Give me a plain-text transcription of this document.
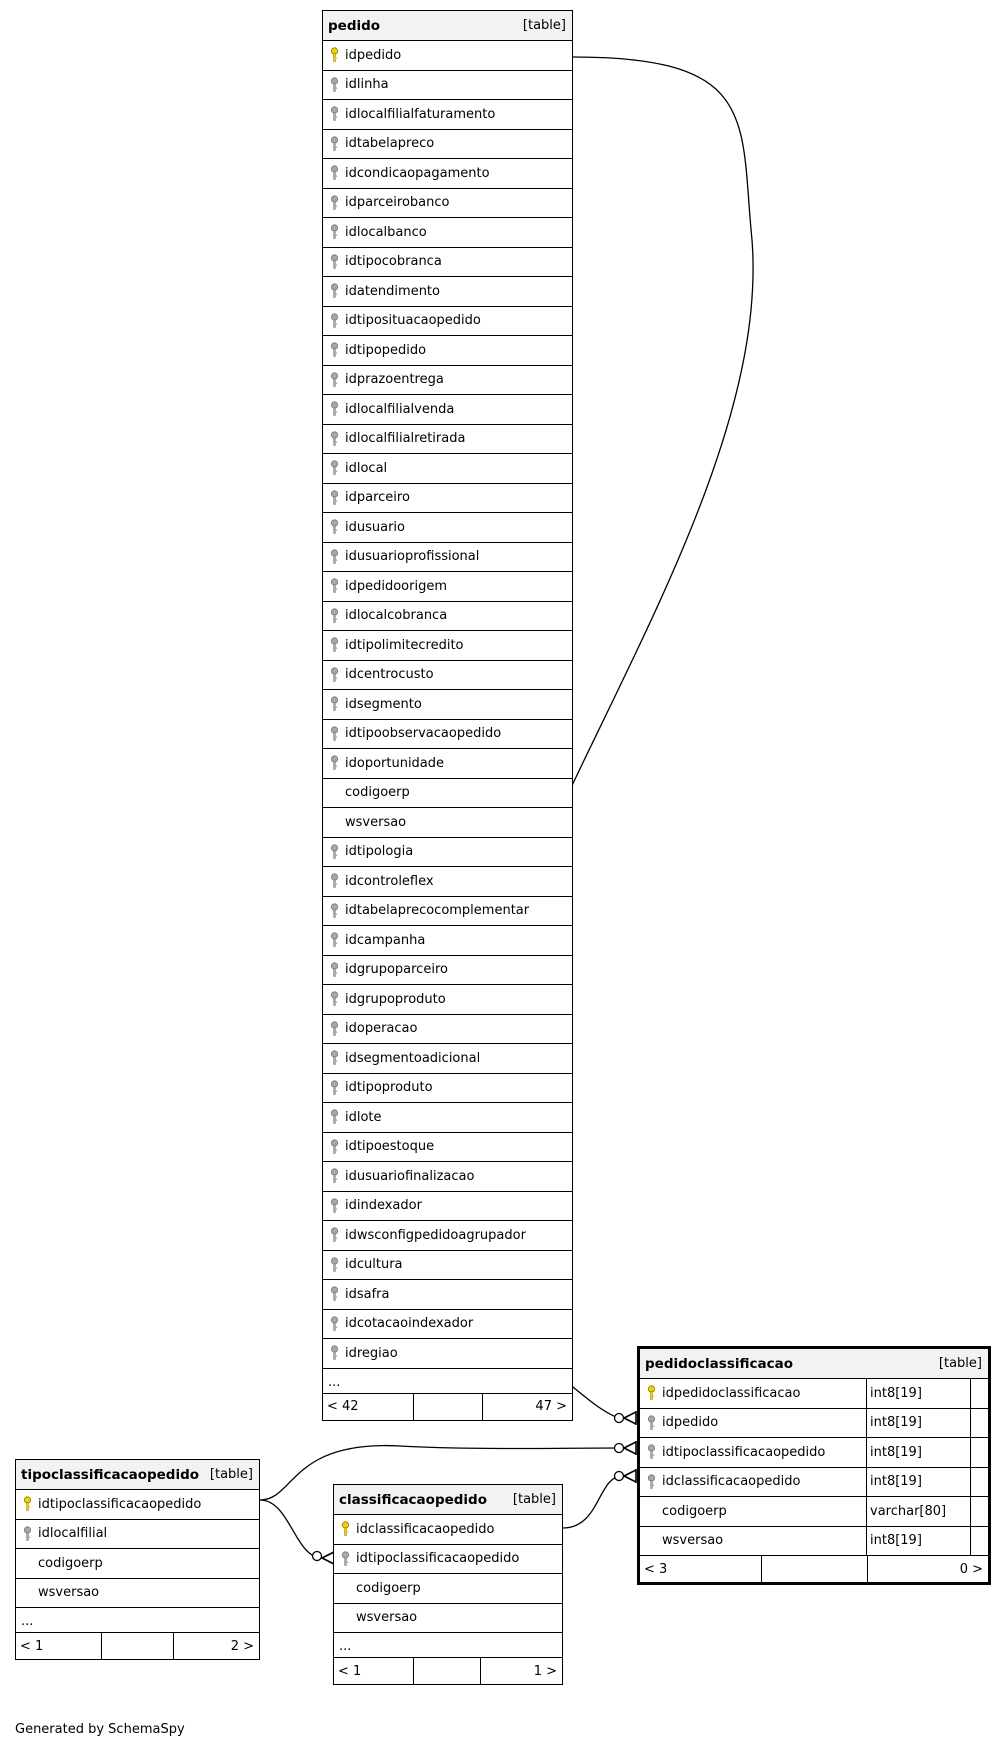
pedido	[table]
idpedido
idlinha
idlocalfilialfaturamento
idtabelapreco
idcondicaopagamento
idparceirobanco
idlocalbanco
idtipocobranca
idatendimento
idtiposituacaopedido
idtipopedido
idprazoentrega
idlocalfilialvenda
idlocalfilialretirada
idlocal
idparceiro
idusuario
idusuarioprofissional
idpedidoorigem
idlocalcobranca
idtipolimitecredito
idcentrocusto
idsegmento
idtipoobservacaopedido
idoportunidade
codigoerp
wsversao
idtipologia
idcontroleflex
idtabelaprecocomplementar
idcampanha
idgrupoparceiro
idgrupoproduto
idoperacao
idsegmentoadicional
idtipoproduto
idlote
idtipoestoque
idusuariofinalizacao
idindexador
idwsconfigpedidoagrupador
idcultura
idsafra
idcotacaoindexador
idregiao
...
< 42	47 >
pedidoclassificacao	[table]
idpedidoclassificacao	int8[19]
idpedido	int8[19]
idtipoclassificacaopedido	int8[19]
idclassificacaopedido	int8[19]
codigoerp	varchar[80]
wsversao	int8[19]
< 3	0 >
tipoclassificacaopedido [table]
idtipoclassificacaopedido
idlocalfilial
codigoerp
wsversao
...
< 1	2 >
classificacaopedido [table]
idclassificacaopedido
idtipoclassificacaopedido
codigoerp
wsversao
...
< 1	1 >
Generated by SchemaSpy
